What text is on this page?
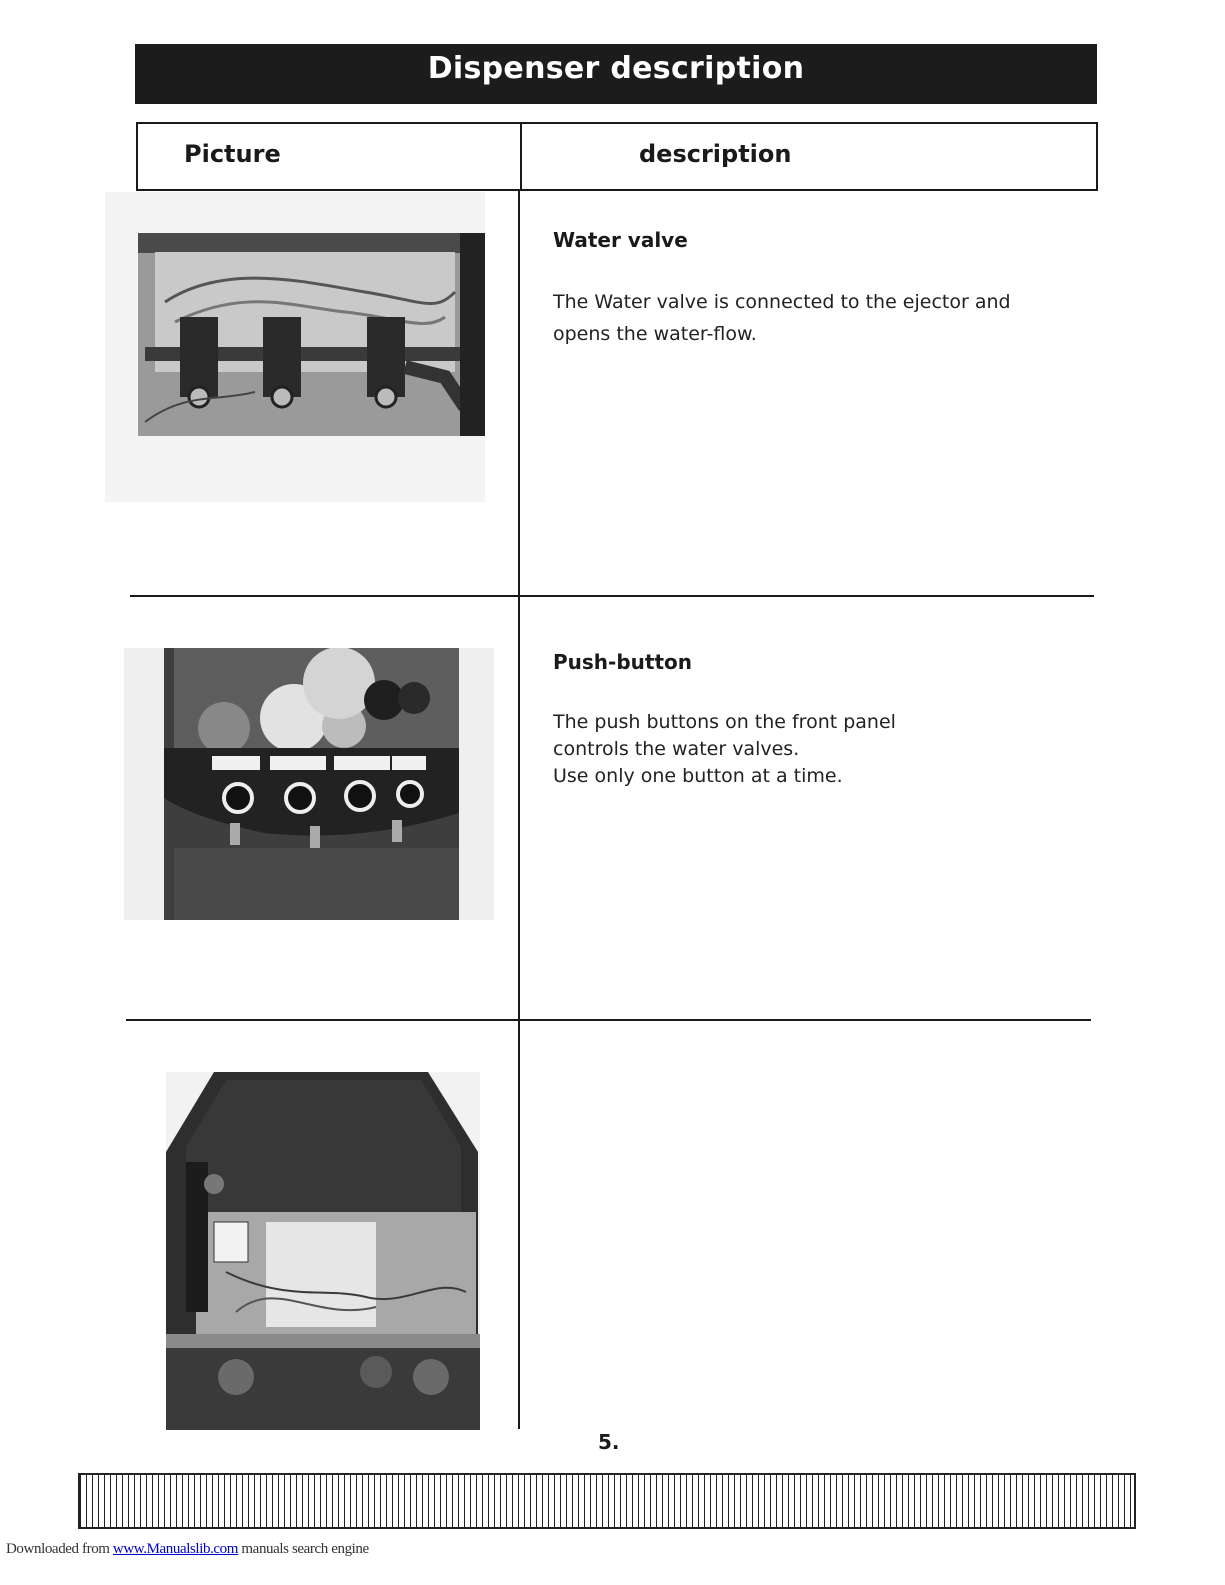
Dispenser description
Picture	description
Water valve
The Water valve is connected to the ejector and
opens the water-flow.
Push-button
The push buttons on the front panel
controls the water valves.
Use only one button at a time.
5.
Downloaded from www.Manualslib.com manuals search engine
